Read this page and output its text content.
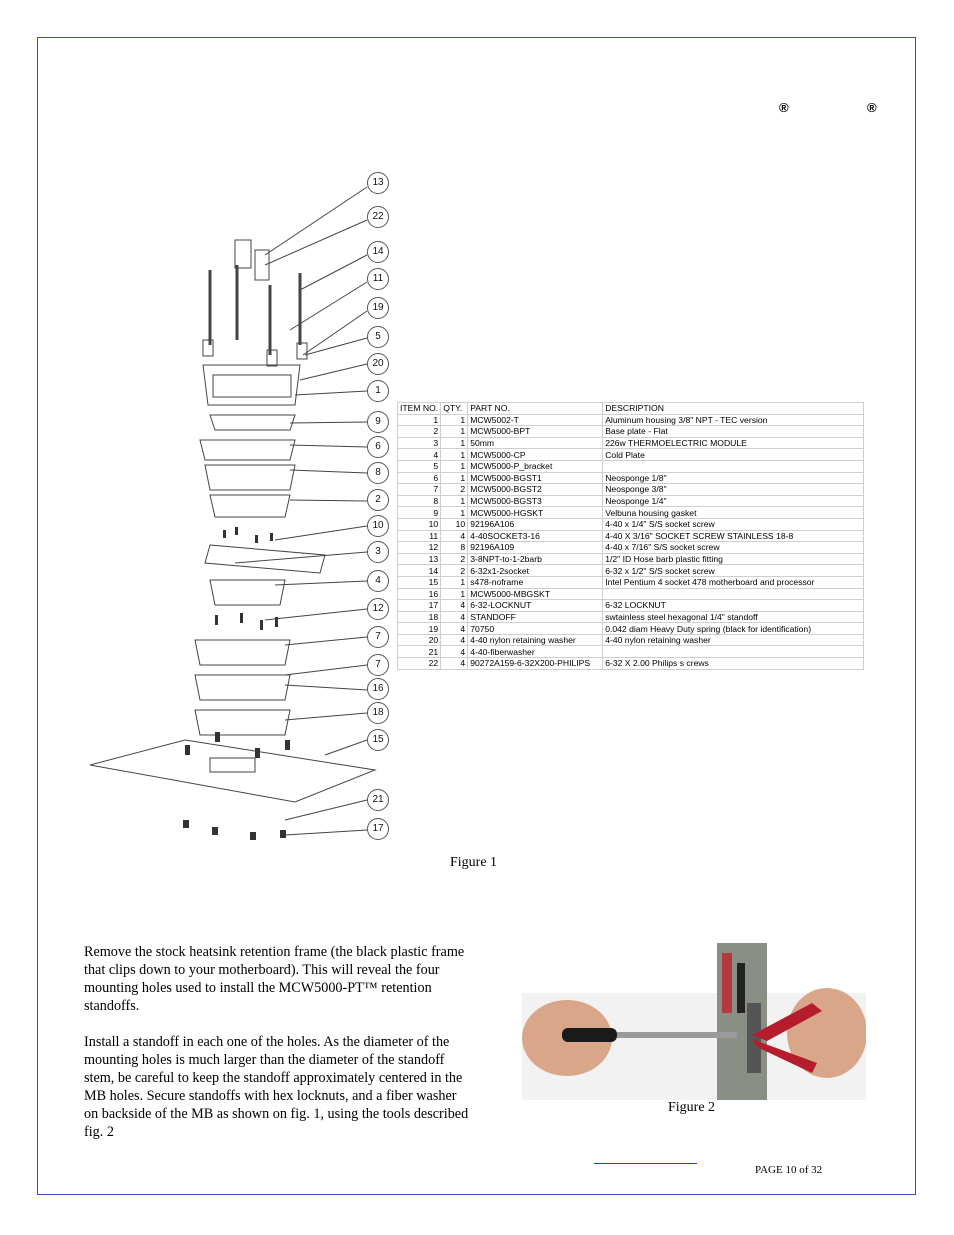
®	®
13
22
14
11
19
5
20
1
9
6
8
2
10
3
4
12
7
7
16
18
15
21
17
ITEM NO.	QTY.	PART NO.	DESCRIPTION
1	1	MCW5002-T	Aluminum housing 3/8" NPT - TEC version
2	1	MCW5000-BPT	Base plate - Flat
3	1	50mm	226w THERMOELECTRIC MODULE
4	1	MCW5000-CP	Cold Plate
5	1	MCW5000-P_bracket	
6	1	MCW5000-BGST1	Neosponge 1/8"
7	2	MCW5000-BGST2	Neosponge 3/8"
8	1	MCW5000-BGST3	Neosponge 1/4"
9	1	MCW5000-HGSKT	Velbuna housing gasket
10	10	92196A106	4-40 x 1/4" S/S socket screw
11	4	4-40SOCKET3-16	4-40 X 3/16" SOCKET SCREW STAINLESS 18-8
12	8	92196A109	4-40 x 7/16" S/S socket screw
13	2	3-8NPT-to-1-2barb	1/2" ID Hose barb plastic fitting
14	2	6-32x1-2socket	6-32 x 1/2" S/S socket screw
15	1	s478-noframe	Intel Pentium 4 socket 478 motherboard and processor
16	1	MCW5000-MBGSKT	
17	4	6-32-LOCKNUT	6-32 LOCKNUT
18	4	STANDOFF	swtainless steel hexagonal 1/4" standoff
19	4	70750	0.042 diam Heavy Duty spring (black for identification)
20	4	4-40 nylon retaining washer	4-40 nylon retaining washer
21	4	4-40-fiberwasher	
22	4	90272A159-6-32X200-PHILIPS	6-32 X 2.00 Philips s crews
Figure 1

Remove the stock heatsink retention frame (the black plastic frame that clips down to your motherboard). This will reveal the four mounting holes used to install the MCW5000-PT™ retention standoffs.

Install a standoff in each one of the holes. As the diameter of the mounting holes is much larger than the diameter of the standoff stem, be careful to keep the standoff approximately centered in the MB holes. Secure standoffs with hex locknuts, and a fiber washer on backside of the MB as shown on fig. 1, using the tools described fig. 2

Figure 2
PAGE 10 of 32
